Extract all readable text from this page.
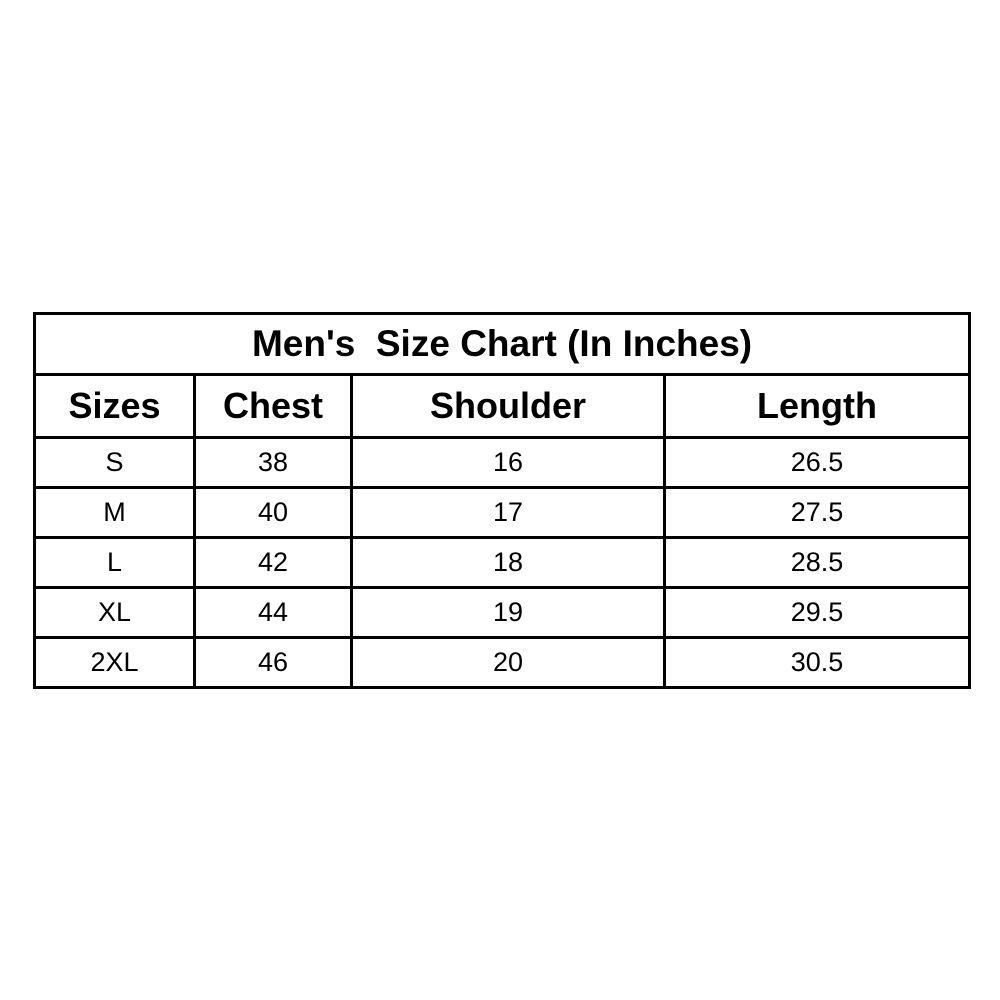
Men's  Size Chart (In Inches)			
Sizes	Chest	Shoulder	Length
S	38	16	26.5
M	40	17	27.5
L	42	18	28.5
XL	44	19	29.5
2XL	46	20	30.5
